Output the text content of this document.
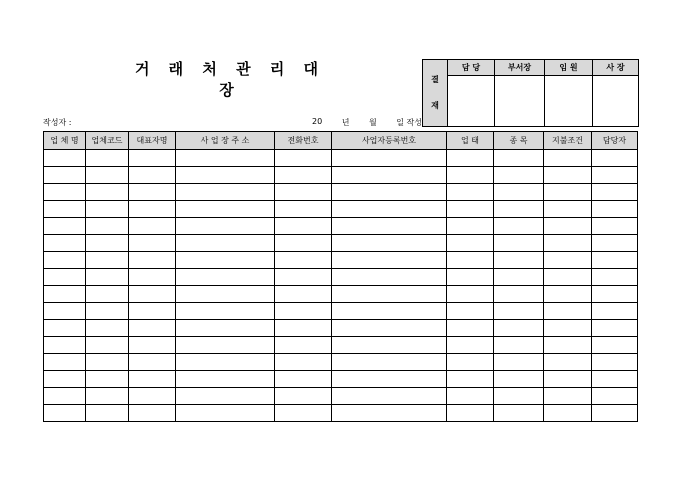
거 래 처 관 리 대 장
작성자 :	20 년 월 일 작성
결
재	담 당	부서장	임 원	사 장

업 체 명	업체코드	대표자명	사 업 장 주 소	전화번호	사업자등록번호	업 태	종 목	지불조건	담당자
